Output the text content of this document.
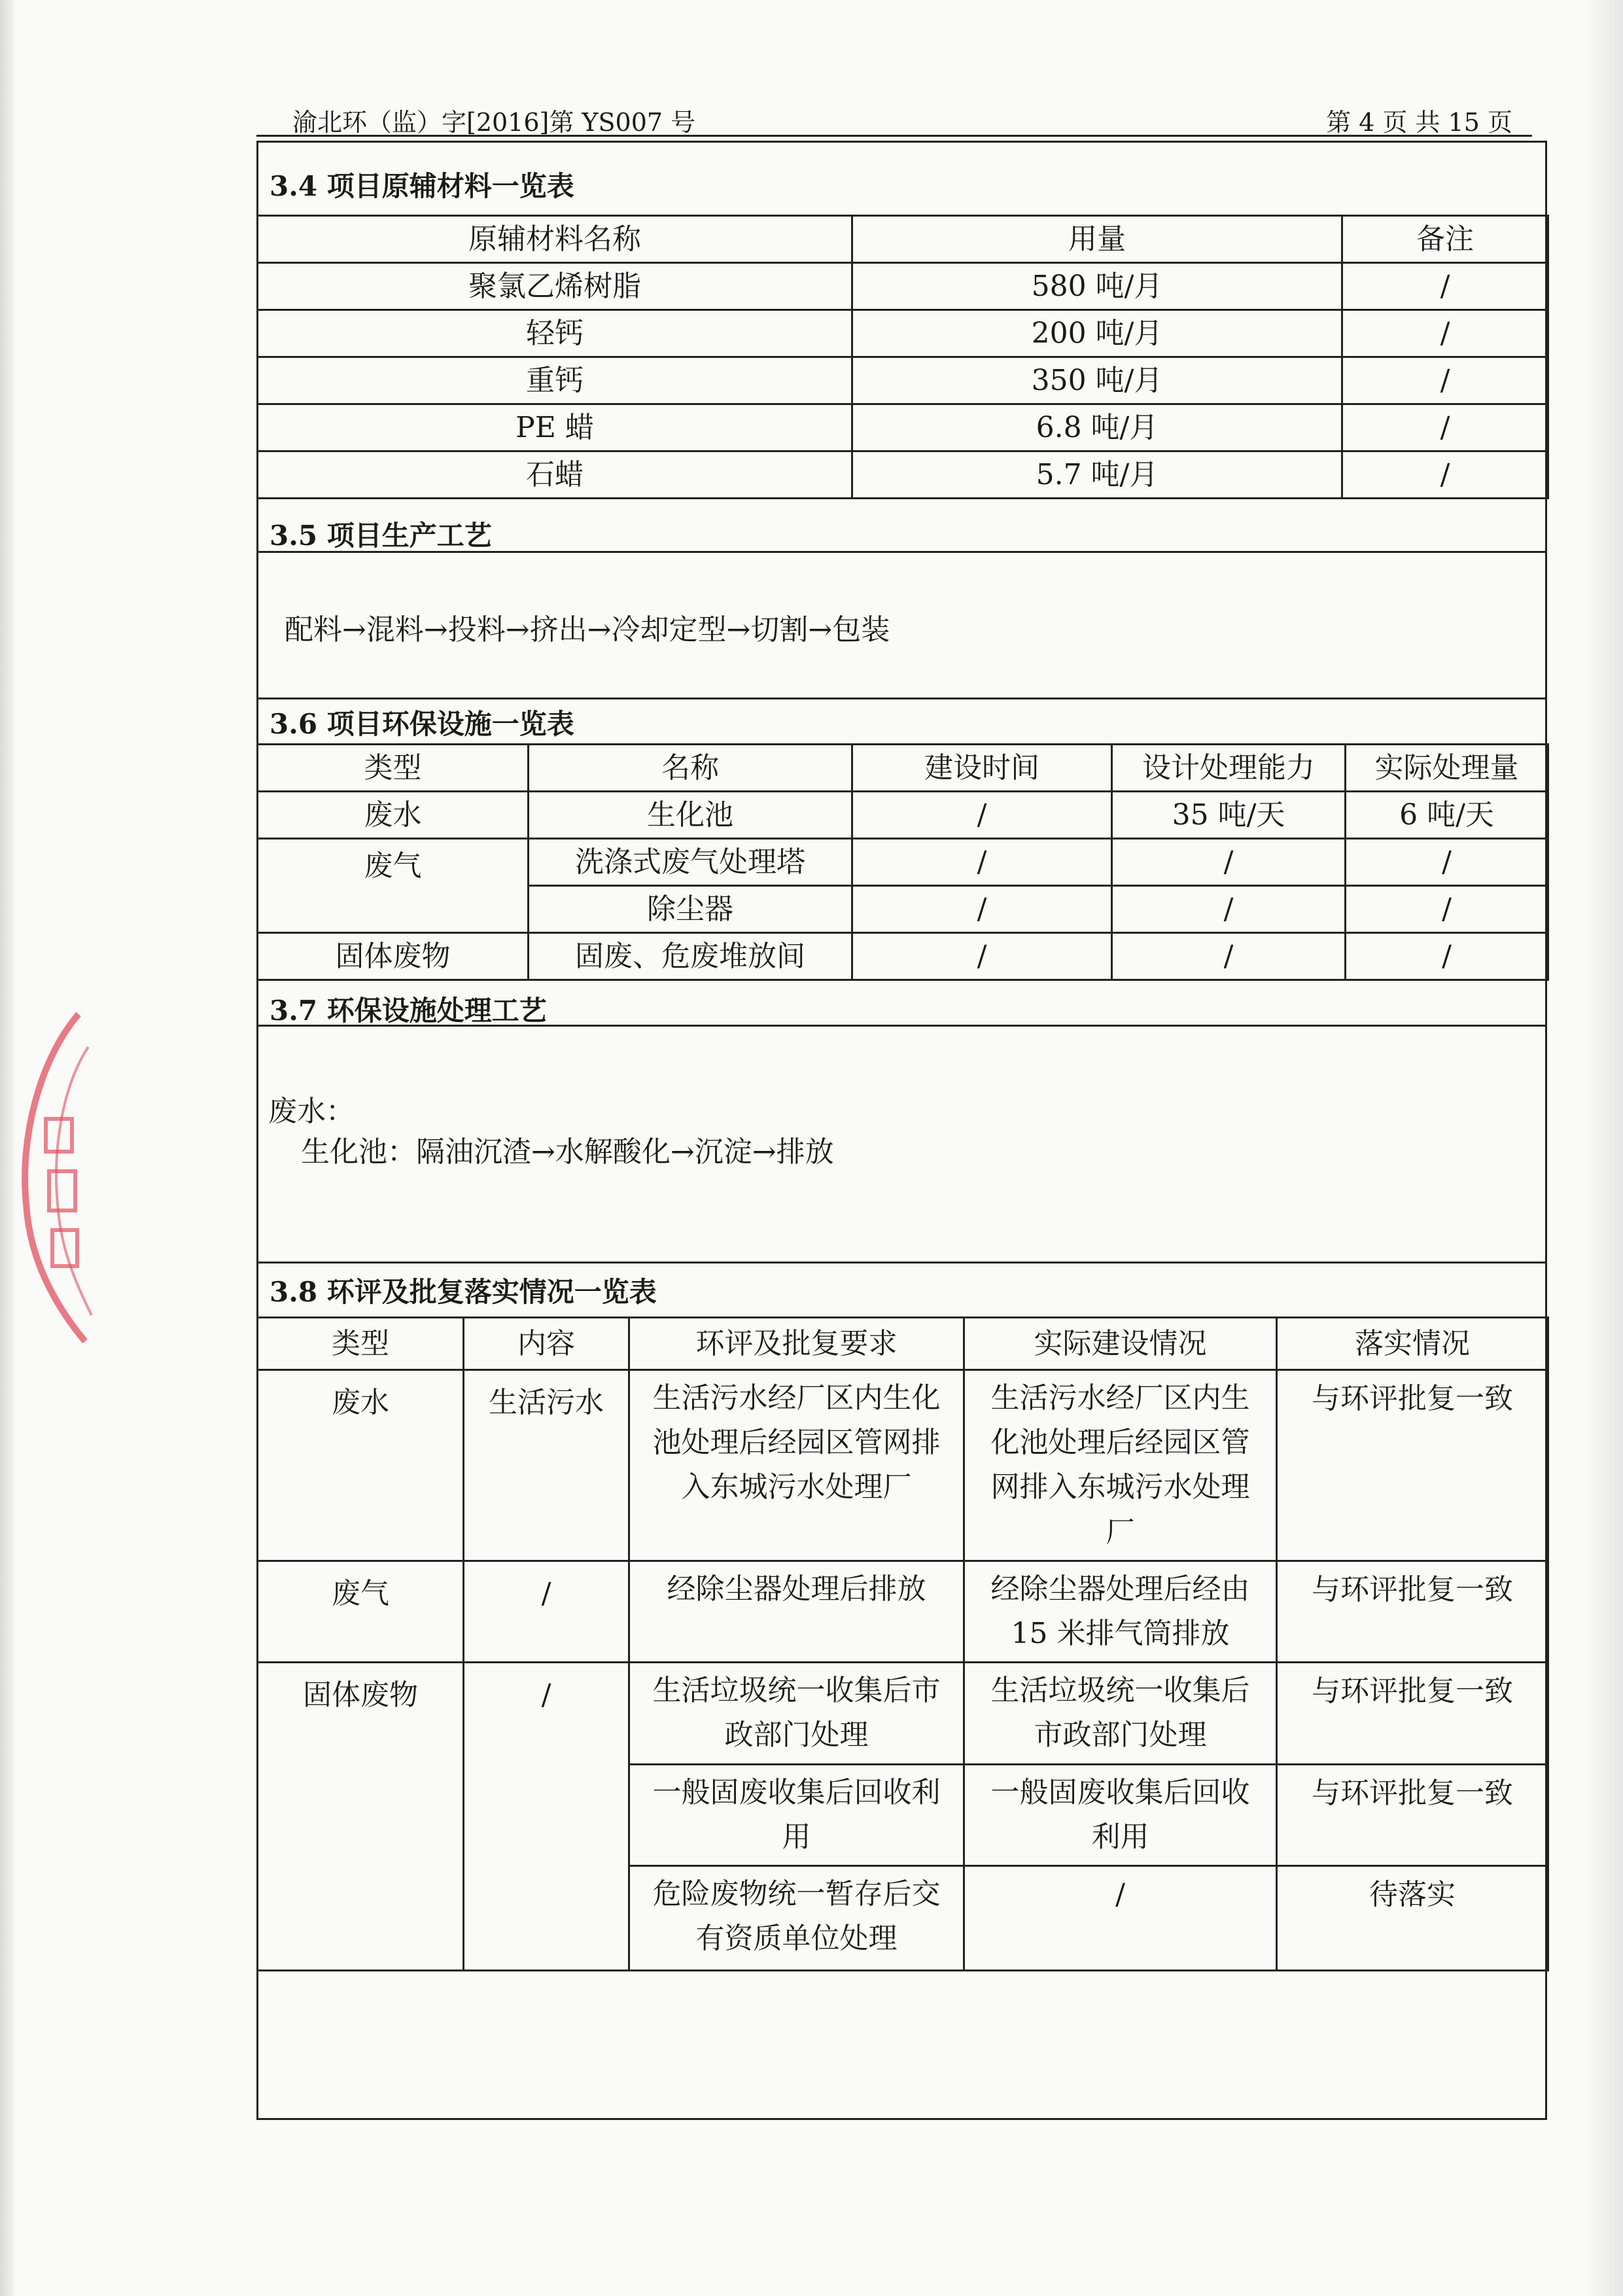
渝北环（监）字[2016]第 YS007 号	第 4 页 共 15 页
3.4 项目原辅材料一览表
原辅材料名称	用量	备注
聚氯乙烯树脂	580 吨/月	/
轻钙	200 吨/月	/
重钙	350 吨/月	/
PE 蜡	6.8 吨/月	/
石蜡	5.7 吨/月	/
3.5 项目生产工艺
配料→混料→投料→挤出→冷却定型→切割→包装
3.6 项目环保设施一览表
类型	名称	建设时间	设计处理能力	实际处理量
废水	生化池	/	35 吨/天	6 吨/天
废气	洗涤式废气处理塔	/	/	/
	除尘器	/	/	/
固体废物	固废、危废堆放间	/	/	/
3.7 环保设施处理工艺
废水：
生化池：隔油沉渣→水解酸化→沉淀→排放
3.8 环评及批复落实情况一览表
类型	内容	环评及批复要求	实际建设情况	落实情况
废水	生活污水	生活污水经厂区内生化池处理后经园区管网排入东城污水处理厂	生活污水经厂区内生化池处理后经园区管网排入东城污水处理厂	与环评批复一致
废气	/	经除尘器处理后排放	经除尘器处理后经由 15 米排气筒排放	与环评批复一致
固体废物	/	生活垃圾统一收集后市政部门处理	生活垃圾统一收集后市政部门处理	与环评批复一致
		一般固废收集后回收利用	一般固废收集后回收利用	与环评批复一致
		危险废物统一暂存后交有资质单位处理	/	待落实
